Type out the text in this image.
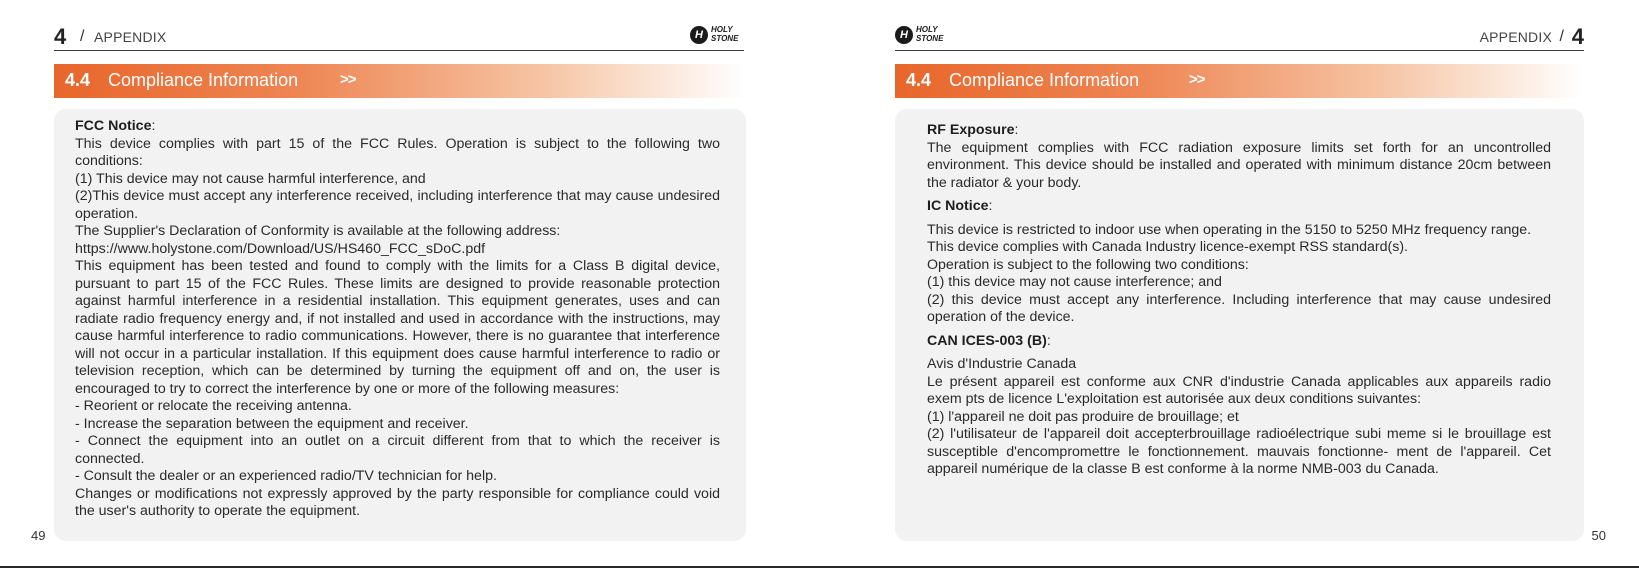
4 / APPENDIX	H	HOLY
STONE
4.4 Compliance Information	>>

FCC Notice:

This device complies with part 15 of the FCC Rules. Operation is subject to the following two conditions:

(1) This device may not cause harmful interference, and

(2)This device must accept any interference received, including interference that may cause undesired operation.

The Supplier's Declaration of Conformity is available at the following address:

https://www.holystone.com/Download/US/HS460_FCC_sDoC.pdf

This equipment has been tested and found to comply with the limits for a Class B digital device, pursuant to part 15 of the FCC Rules. These limits are designed to provide reasonable protection against harmful interference in a residential installation. This equipment generates, uses and can radiate radio frequency energy and, if not installed and used in accordance with the instructions, may cause harmful interference to radio communications. However, there is no guarantee that interference will not occur in a particular installation. If this equipment does cause harmful interference to radio or television reception, which can be determined by turning the equipment off and on, the user is encouraged to try to correct the interference by one or more of the following measures:

- Reorient or relocate the receiving antenna.

- Increase the separation between the equipment and receiver.

- Connect the equipment into an outlet on a circuit different from that to which the receiver is connected.

- Consult the dealer or an experienced radio/TV technician for help.

Changes or modifications not expressly approved by the party responsible for compliance could void the user's authority to operate the equipment.

49
H	HOLY
STONE	APPENDIX / 4
4.4 Compliance Information	>>

RF Exposure:

The equipment complies with FCC radiation exposure limits set forth for an uncontrolled environment. This device should be installed and operated with minimum distance 20cm between the radiator & your body.

IC Notice:

This device is restricted to indoor use when operating in the 5150 to 5250 MHz frequency range.

This device complies with Canada Industry licence-exempt RSS standard(s).

Operation is subject to the following two conditions:

(1) this device may not cause interference; and

(2) this device must accept any interference. Including interference that may cause undesired operation of the device.

CAN ICES-003 (B):

Avis d'Industrie Canada

Le présent appareil est conforme aux CNR d'industrie Canada applicables aux appareils radio exem pts de licence L'exploitation est autorisée aux deux conditions suivantes:

(1) l'appareil ne doit pas produire de brouillage; et

(2) l'utilisateur de l'appareil doit accepterbrouillage radioélectrique subi meme si le brouillage est susceptible d'encompromettre le fonctionnement. mauvais fonctionne- ment de l'appareil. Cet appareil numérique de la classe B est conforme à la norme NMB-003 du Canada.

50
